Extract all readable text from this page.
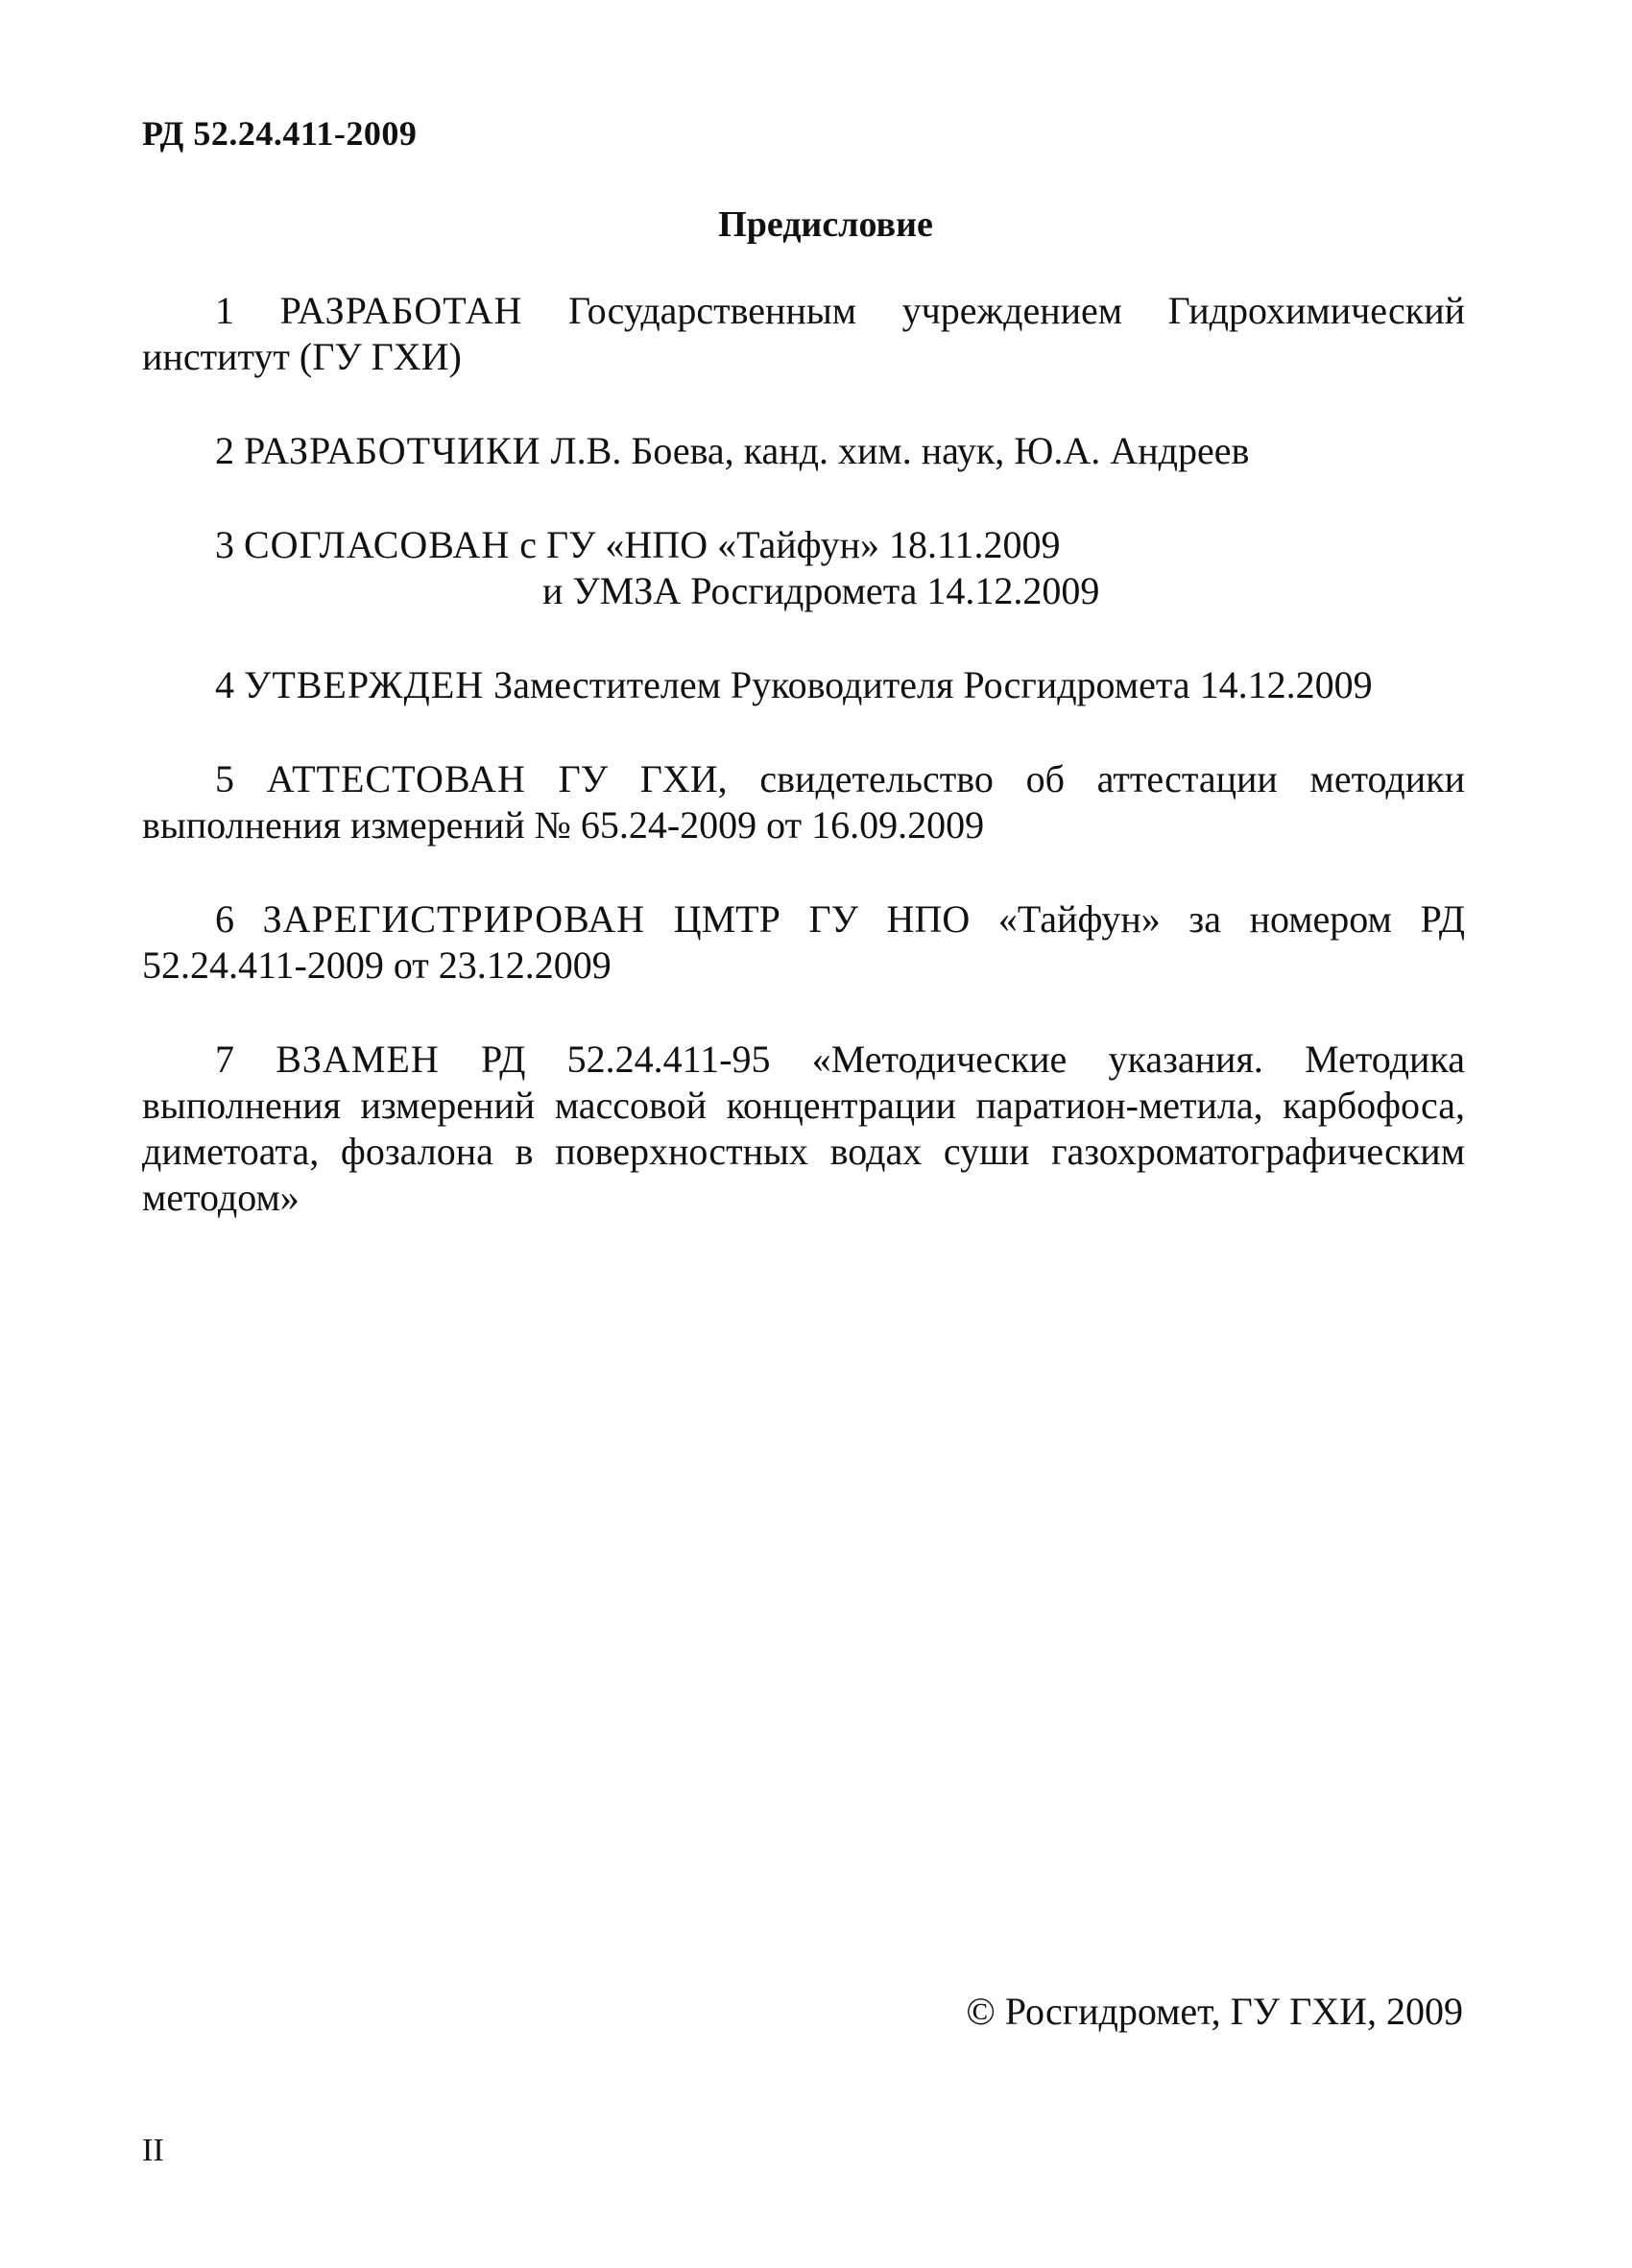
РД 52.24.411-2009
Предисловие

1 РАЗРАБОТАН Государственным учреждением Гидрохимический институт (ГУ ГХИ)

2 РАЗРАБОТЧИКИ Л.В. Боева, канд. хим. наук, Ю.А. Андреев

3 СОГЛАСОВАН с ГУ «НПО «Тайфун» 18.11.2009
и УМЗА Росгидромета 14.12.2009

4 УТВЕРЖДЕН Заместителем Руководителя Росгидромета 14.12.2009

5 АТТЕСТОВАН ГУ ГХИ, свидетельство об аттестации методики выполнения измерений № 65.24-2009 от 16.09.2009

6 ЗАРЕГИСТРИРОВАН ЦМТР ГУ НПО «Тайфун» за номером РД 52.24.411-2009 от 23.12.2009

7 ВЗАМЕН РД 52.24.411-95 «Методические указания. Методика выполнения измерений массовой концентрации паратион-метила, карбофоса, диметоата, фозалона в поверхностных водах суши газохроматографическим методом»

© Росгидромет, ГУ ГХИ, 2009
II
